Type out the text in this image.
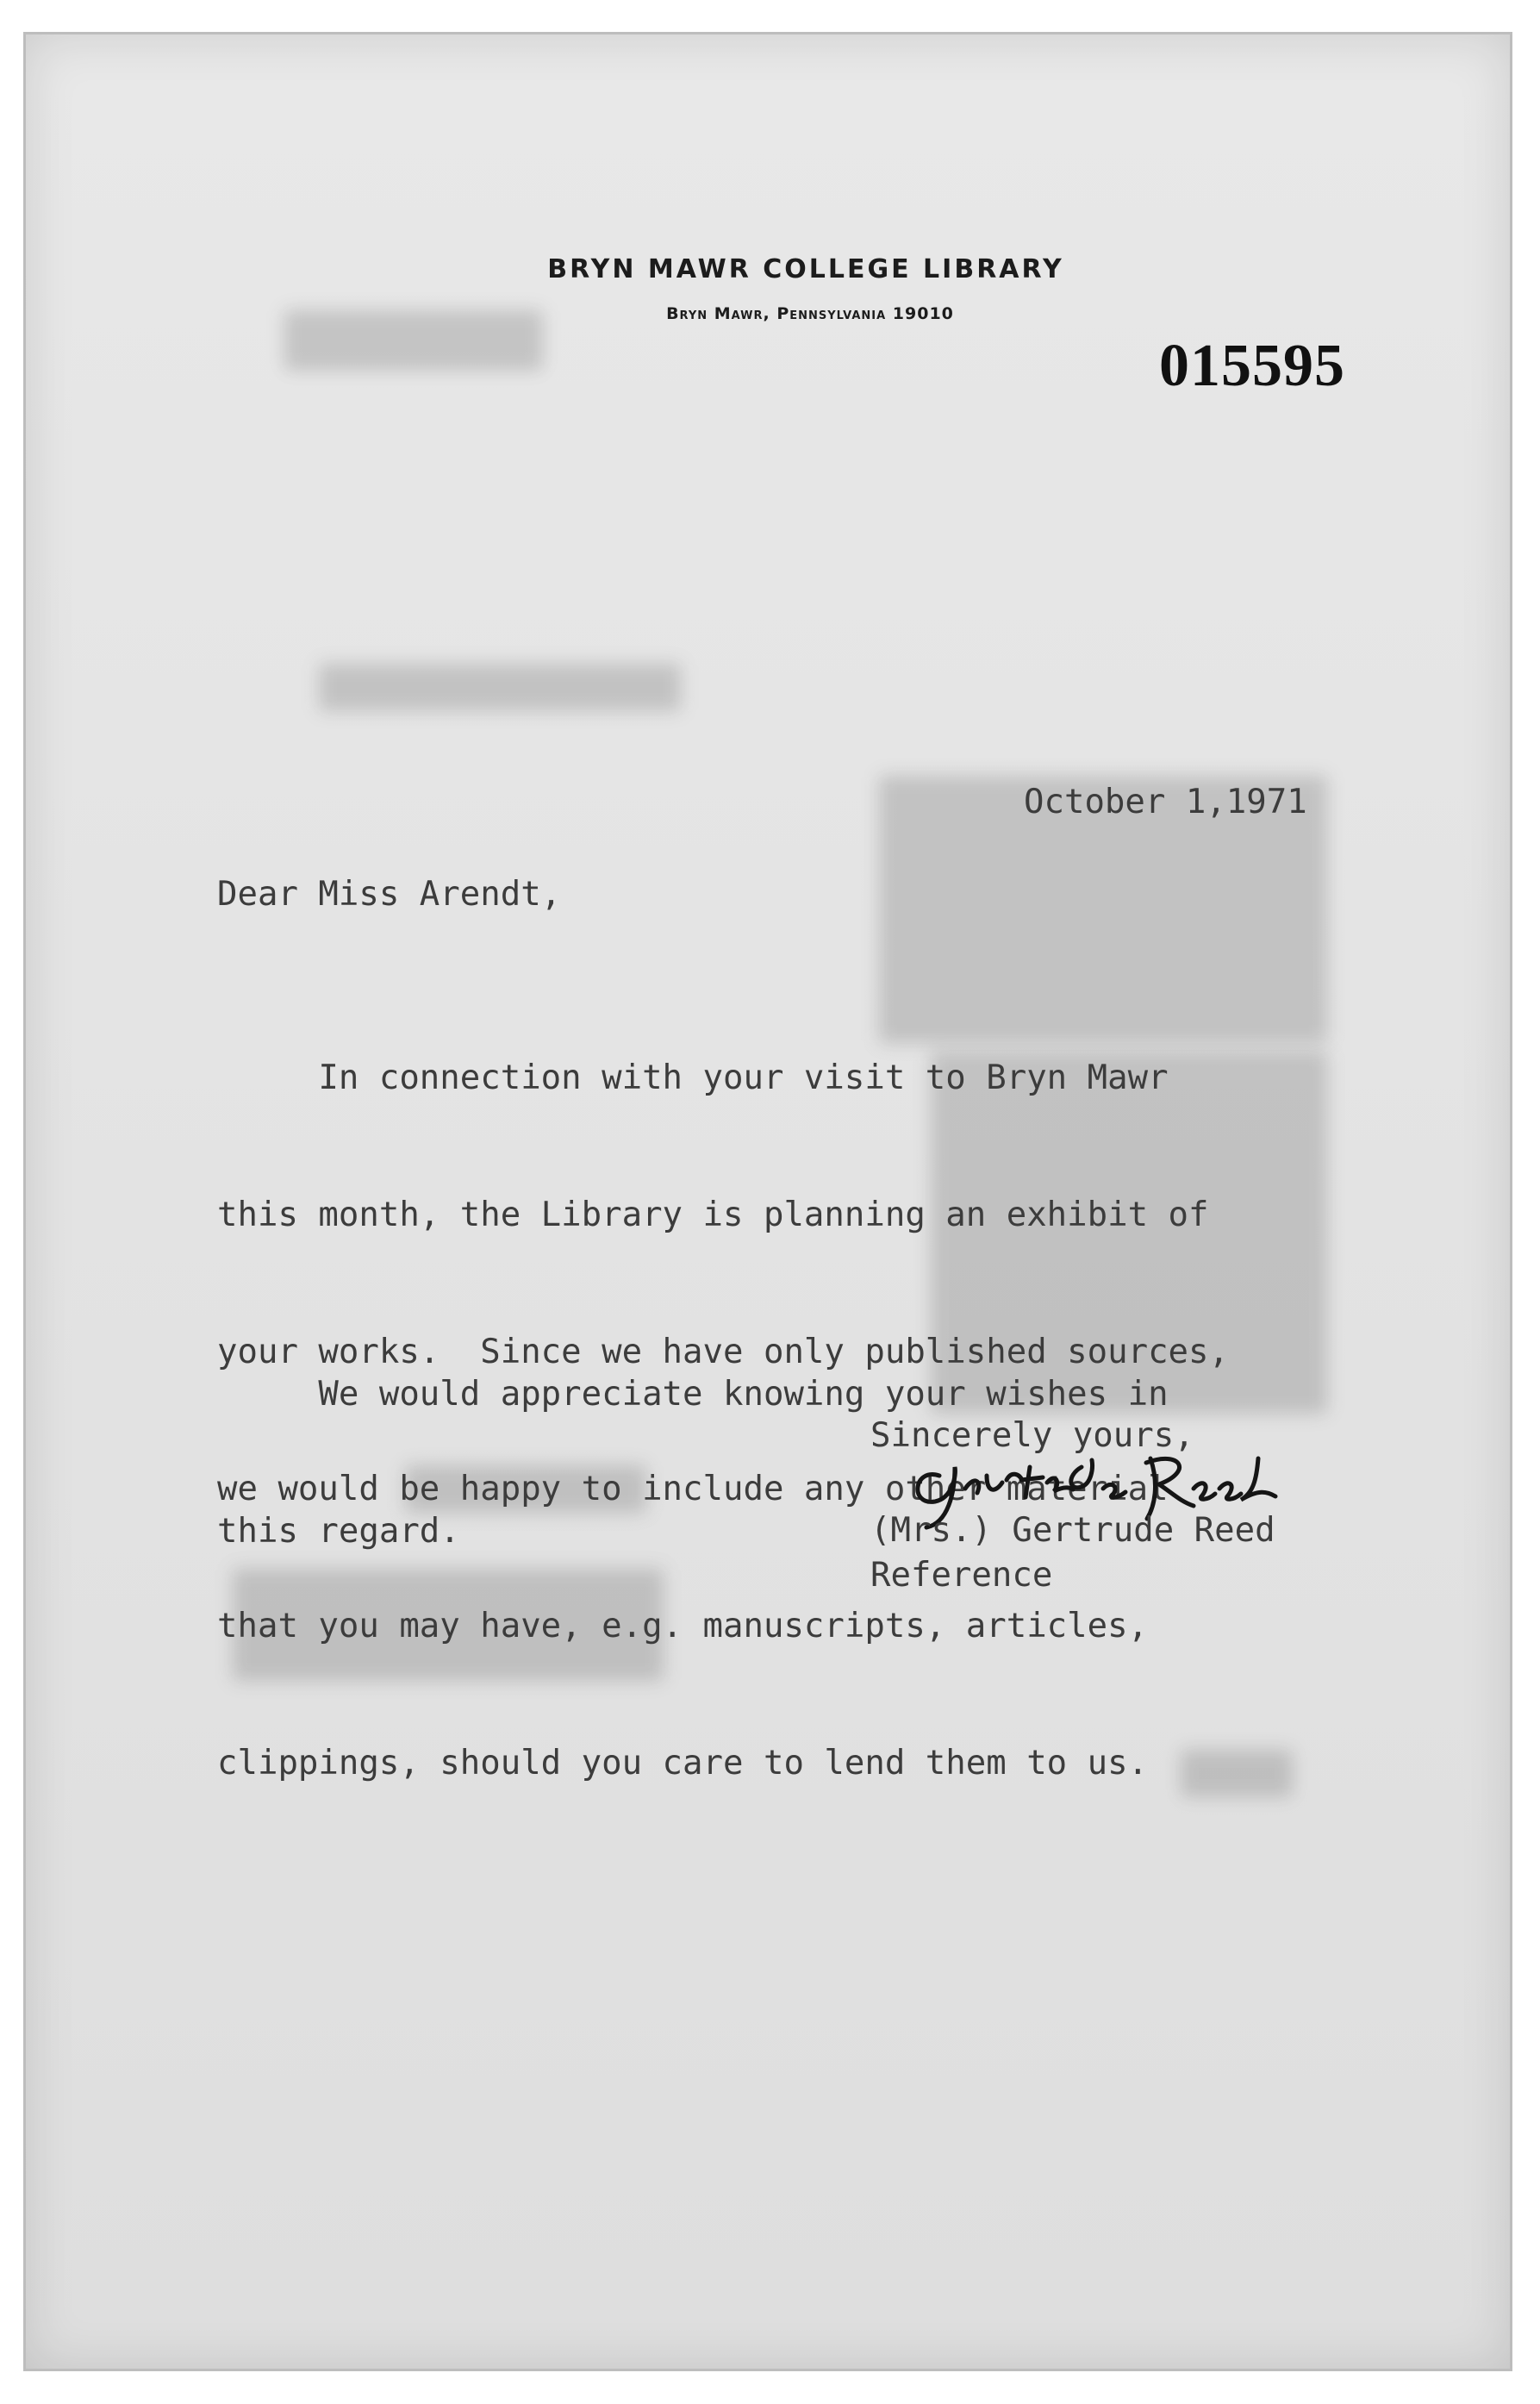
BRYN MAWR COLLEGE LIBRARY
Bryn Mawr, Pennsylvania 19010
015595
October 1,1971
Dear Miss Arendt,

In connection with your visit to Bryn Mawr

this month, the Library is planning an exhibit of

your works.  Since we have only published sources,

we would be happy to include any other material

that you may have, e.g. manuscripts, articles,

clippings, should you care to lend them to us.

We would appreciate knowing your wishes in

this regard.

Sincerely yours,
(Mrs.) Gertrude Reed
Reference
